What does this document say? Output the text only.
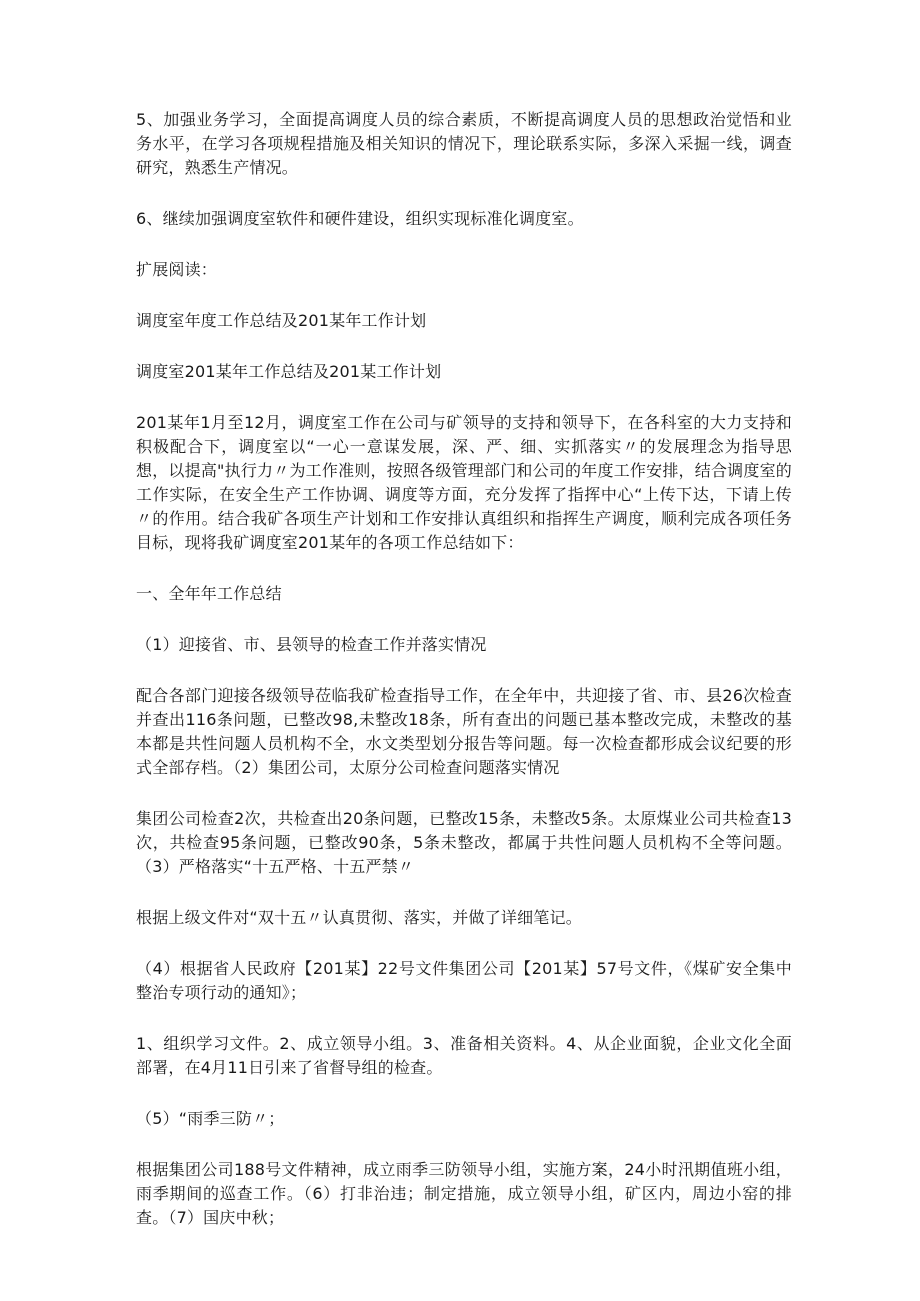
5、加强业务学习，全面提高调度人员的综合素质，不断提高调度人员的思想政治觉悟和业务水平，在学习各项规程措施及相关知识的情况下，理论联系实际，多深入采掘一线，调查研究，熟悉生产情况。

6、继续加强调度室软件和硬件建设，组织实现标准化调度室。

扩展阅读：

调度室年度工作总结及201某年工作计划

调度室201某年工作总结及201某工作计划

201某年1月至12月，调度室工作在公司与矿领导的支持和领导下，在各科室的大力支持和积极配合下，调度室以“一心一意谋发展，深、严、细、实抓落实〃的发展理念为指导思想，以提高"执行力〃为工作准则，按照各级管理部门和公司的年度工作安排，结合调度室的工作实际，在安全生产工作协调、调度等方面，充分发挥了指挥中心“上传下达，下请上传〃的作用。结合我矿各项生产计划和工作安排认真组织和指挥生产调度，顺利完成各项任务目标，现将我矿调度室201某年的各项工作总结如下：

一、全年年工作总结

（1）迎接省、市、县领导的检查工作并落实情况

配合各部门迎接各级领导莅临我矿检查指导工作，在全年中，共迎接了省、市、县26次检查并查出116条问题，已整改98,未整改18条，所有查出的问题已基本整改完成，未整改的基本都是共性问题人员机构不全，水文类型划分报告等问题。每一次检查都形成会议纪要的形式全部存档。（2）集团公司，太原分公司检查问题落实情况

集团公司检查2次，共检查出20条问题，已整改15条，未整改5条。太原煤业公司共检查13次，共检查95条问题，已整改90条，5条未整改，都属于共性问题人员机构不全等问题。（3）严格落实“十五严格、十五严禁〃

根据上级文件对“双十五〃认真贯彻、落实，并做了详细笔记。

（4）根据省人民政府【201某】22号文件集团公司【201某】57号文件，《煤矿安全集中整治专项行动的通知》；

1、组织学习文件。2、成立领导小组。3、准备相关资料。4、从企业面貌，企业文化全面部署，在4月11日引来了省督导组的检查。

（5）“雨季三防〃；

根据集团公司188号文件精神，成立雨季三防领导小组，实施方案，24小时汛期值班小组，雨季期间的巡查工作。（6）打非治违；制定措施，成立领导小组，矿区内，周边小窑的排查。（7）国庆中秋；
